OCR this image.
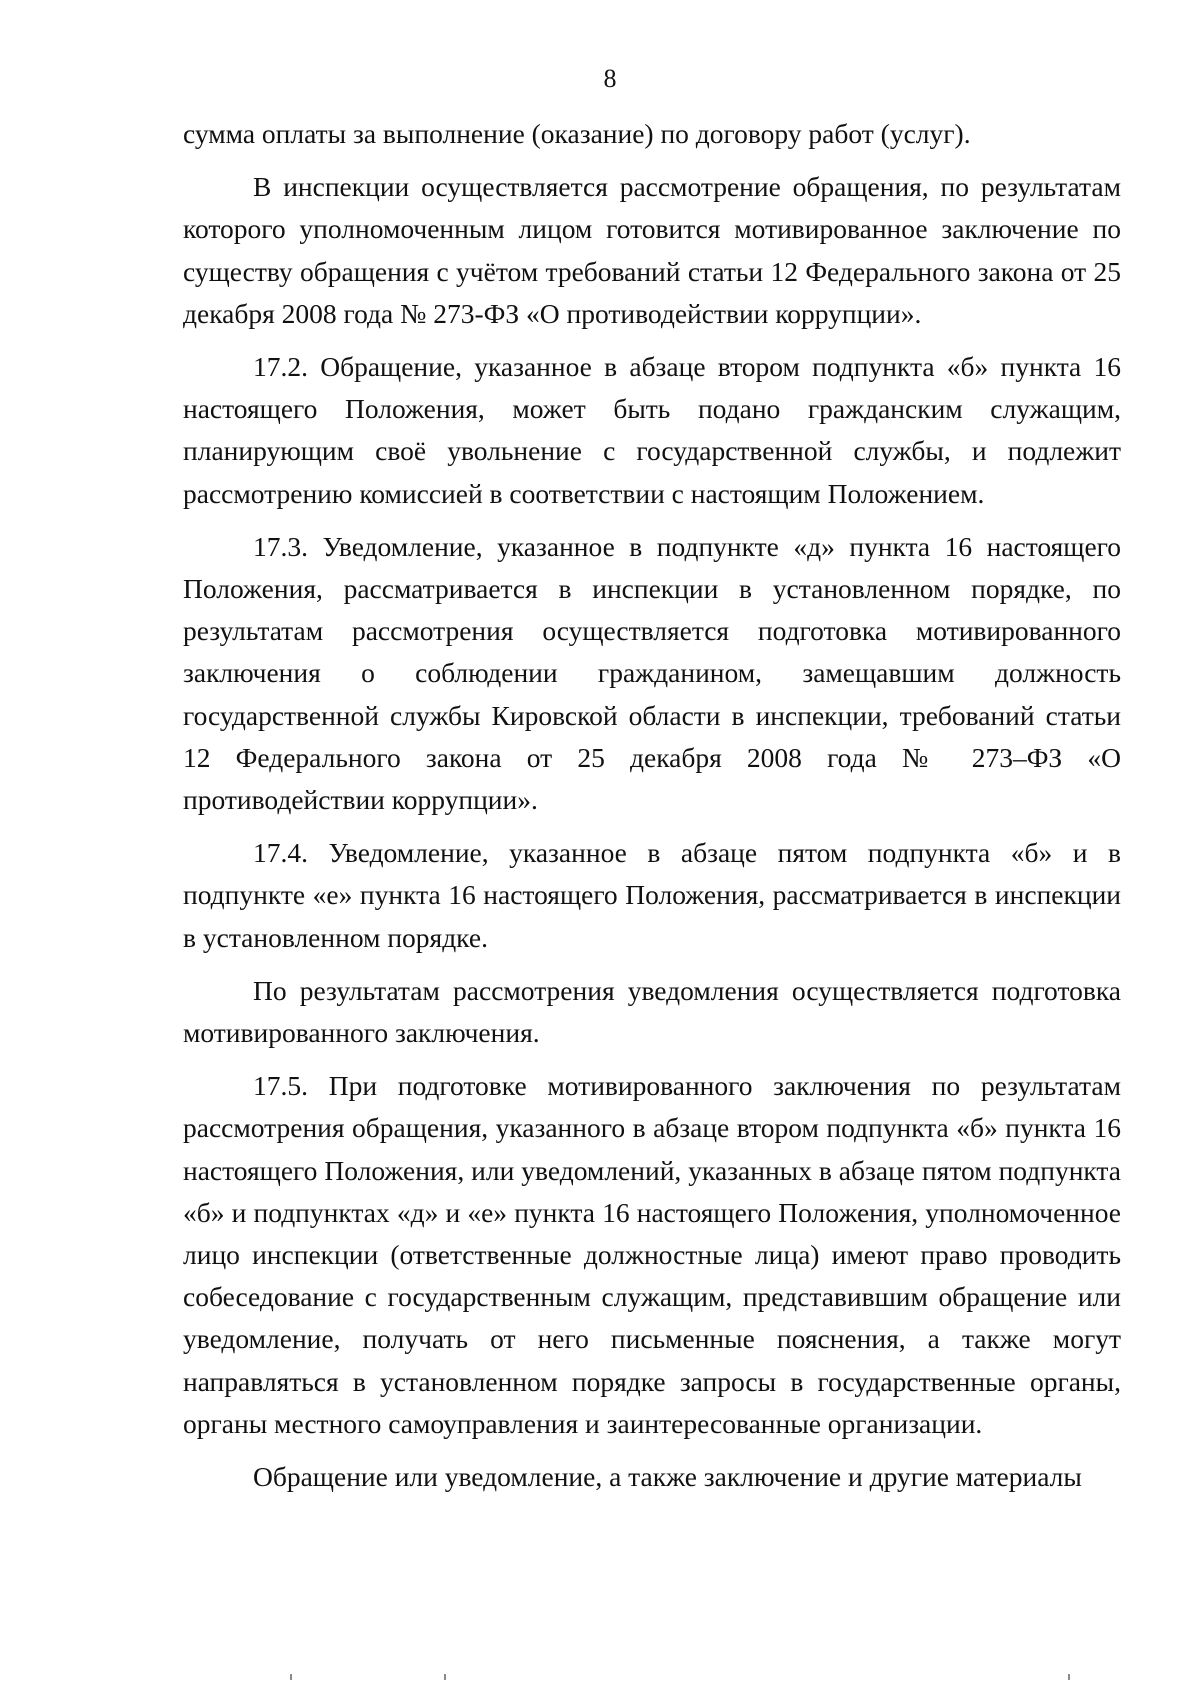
8

сумма оплаты за выполнение (оказание) по договору работ (услуг).

В инспекции осуществляется рассмотрение обращения, по результатам которого уполномоченным лицом готовится мотивированное заключение по существу обращения с учётом требований статьи 12 Федерального закона от 25 декабря 2008 года № 273-ФЗ «О противодействии коррупции».

17.2. Обращение, указанное в абзаце втором подпункта «б» пункта 16 настоящего Положения, может быть подано гражданским служащим, планирующим своё увольнение с государственной службы, и подлежит рассмотрению комиссией в соответствии с настоящим Положением.

17.3. Уведомление, указанное в подпункте «д» пункта 16 настоящего Положения, рассматривается в инспекции в установленном порядке, по результатам рассмотрения осуществляется подготовка мотивированного заключения о соблюдении гражданином, замещавшим должность государственной службы Кировской области в инспекции, требований статьи 12 Федерального закона от 25 декабря 2008 года № 273–ФЗ «О противодействии коррупции».

17.4. Уведомление, указанное в абзаце пятом подпункта «б» и в подпункте «е» пункта 16 настоящего Положения, рассматривается в инспекции в установленном порядке.

По результатам рассмотрения уведомления осуществляется подготовка мотивированного заключения.

17.5. При подготовке мотивированного заключения по результатам рассмотрения обращения, указанного в абзаце втором подпункта «б» пункта 16 настоящего Положения, или уведомлений, указанных в абзаце пятом подпункта «б» и подпунктах «д» и «е» пункта 16 настоящего Положения, уполномоченное лицо инспекции (ответственные должностные лица) имеют право проводить собеседование с государственным служащим, представившим обращение или уведомление, получать от него письменные пояснения, а также могут направляться в установленном порядке запросы в государственные органы, органы местного самоуправления и заинтересованные организации.

Обращение или уведомление, а также заключение и другие материалы
